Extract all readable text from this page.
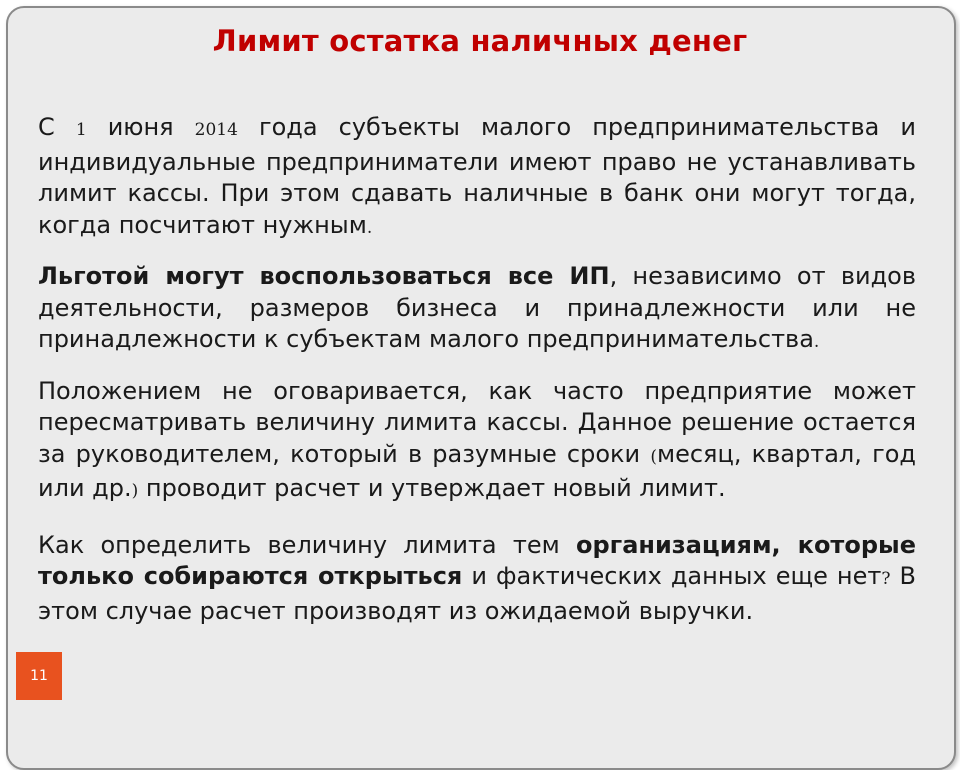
Лимит остатка наличных денег

С 1 июня 2014 года субъекты малого предпринимательства и индивидуальные предприниматели имеют право не устанавливать лимит кассы. При этом сдавать наличные в банк они могут тогда, когда посчитают нужным.

Льготой могут воспользоваться все ИП, независимо от видов деятельности, размеров бизнеса и принадлежности или не принадлежности к субъектам малого предпринимательства.

Положением не оговаривается, как часто предприятие может пересматривать величину лимита кассы. Данное решение остается за руководителем, который в разумные сроки (месяц, квартал, год или др.) проводит расчет и утверждает новый лимит.

Как определить величину лимита тем организациям, которые только собираются открыться и фактических данных еще нет? В этом случае расчет производят из ожидаемой выручки.

11
